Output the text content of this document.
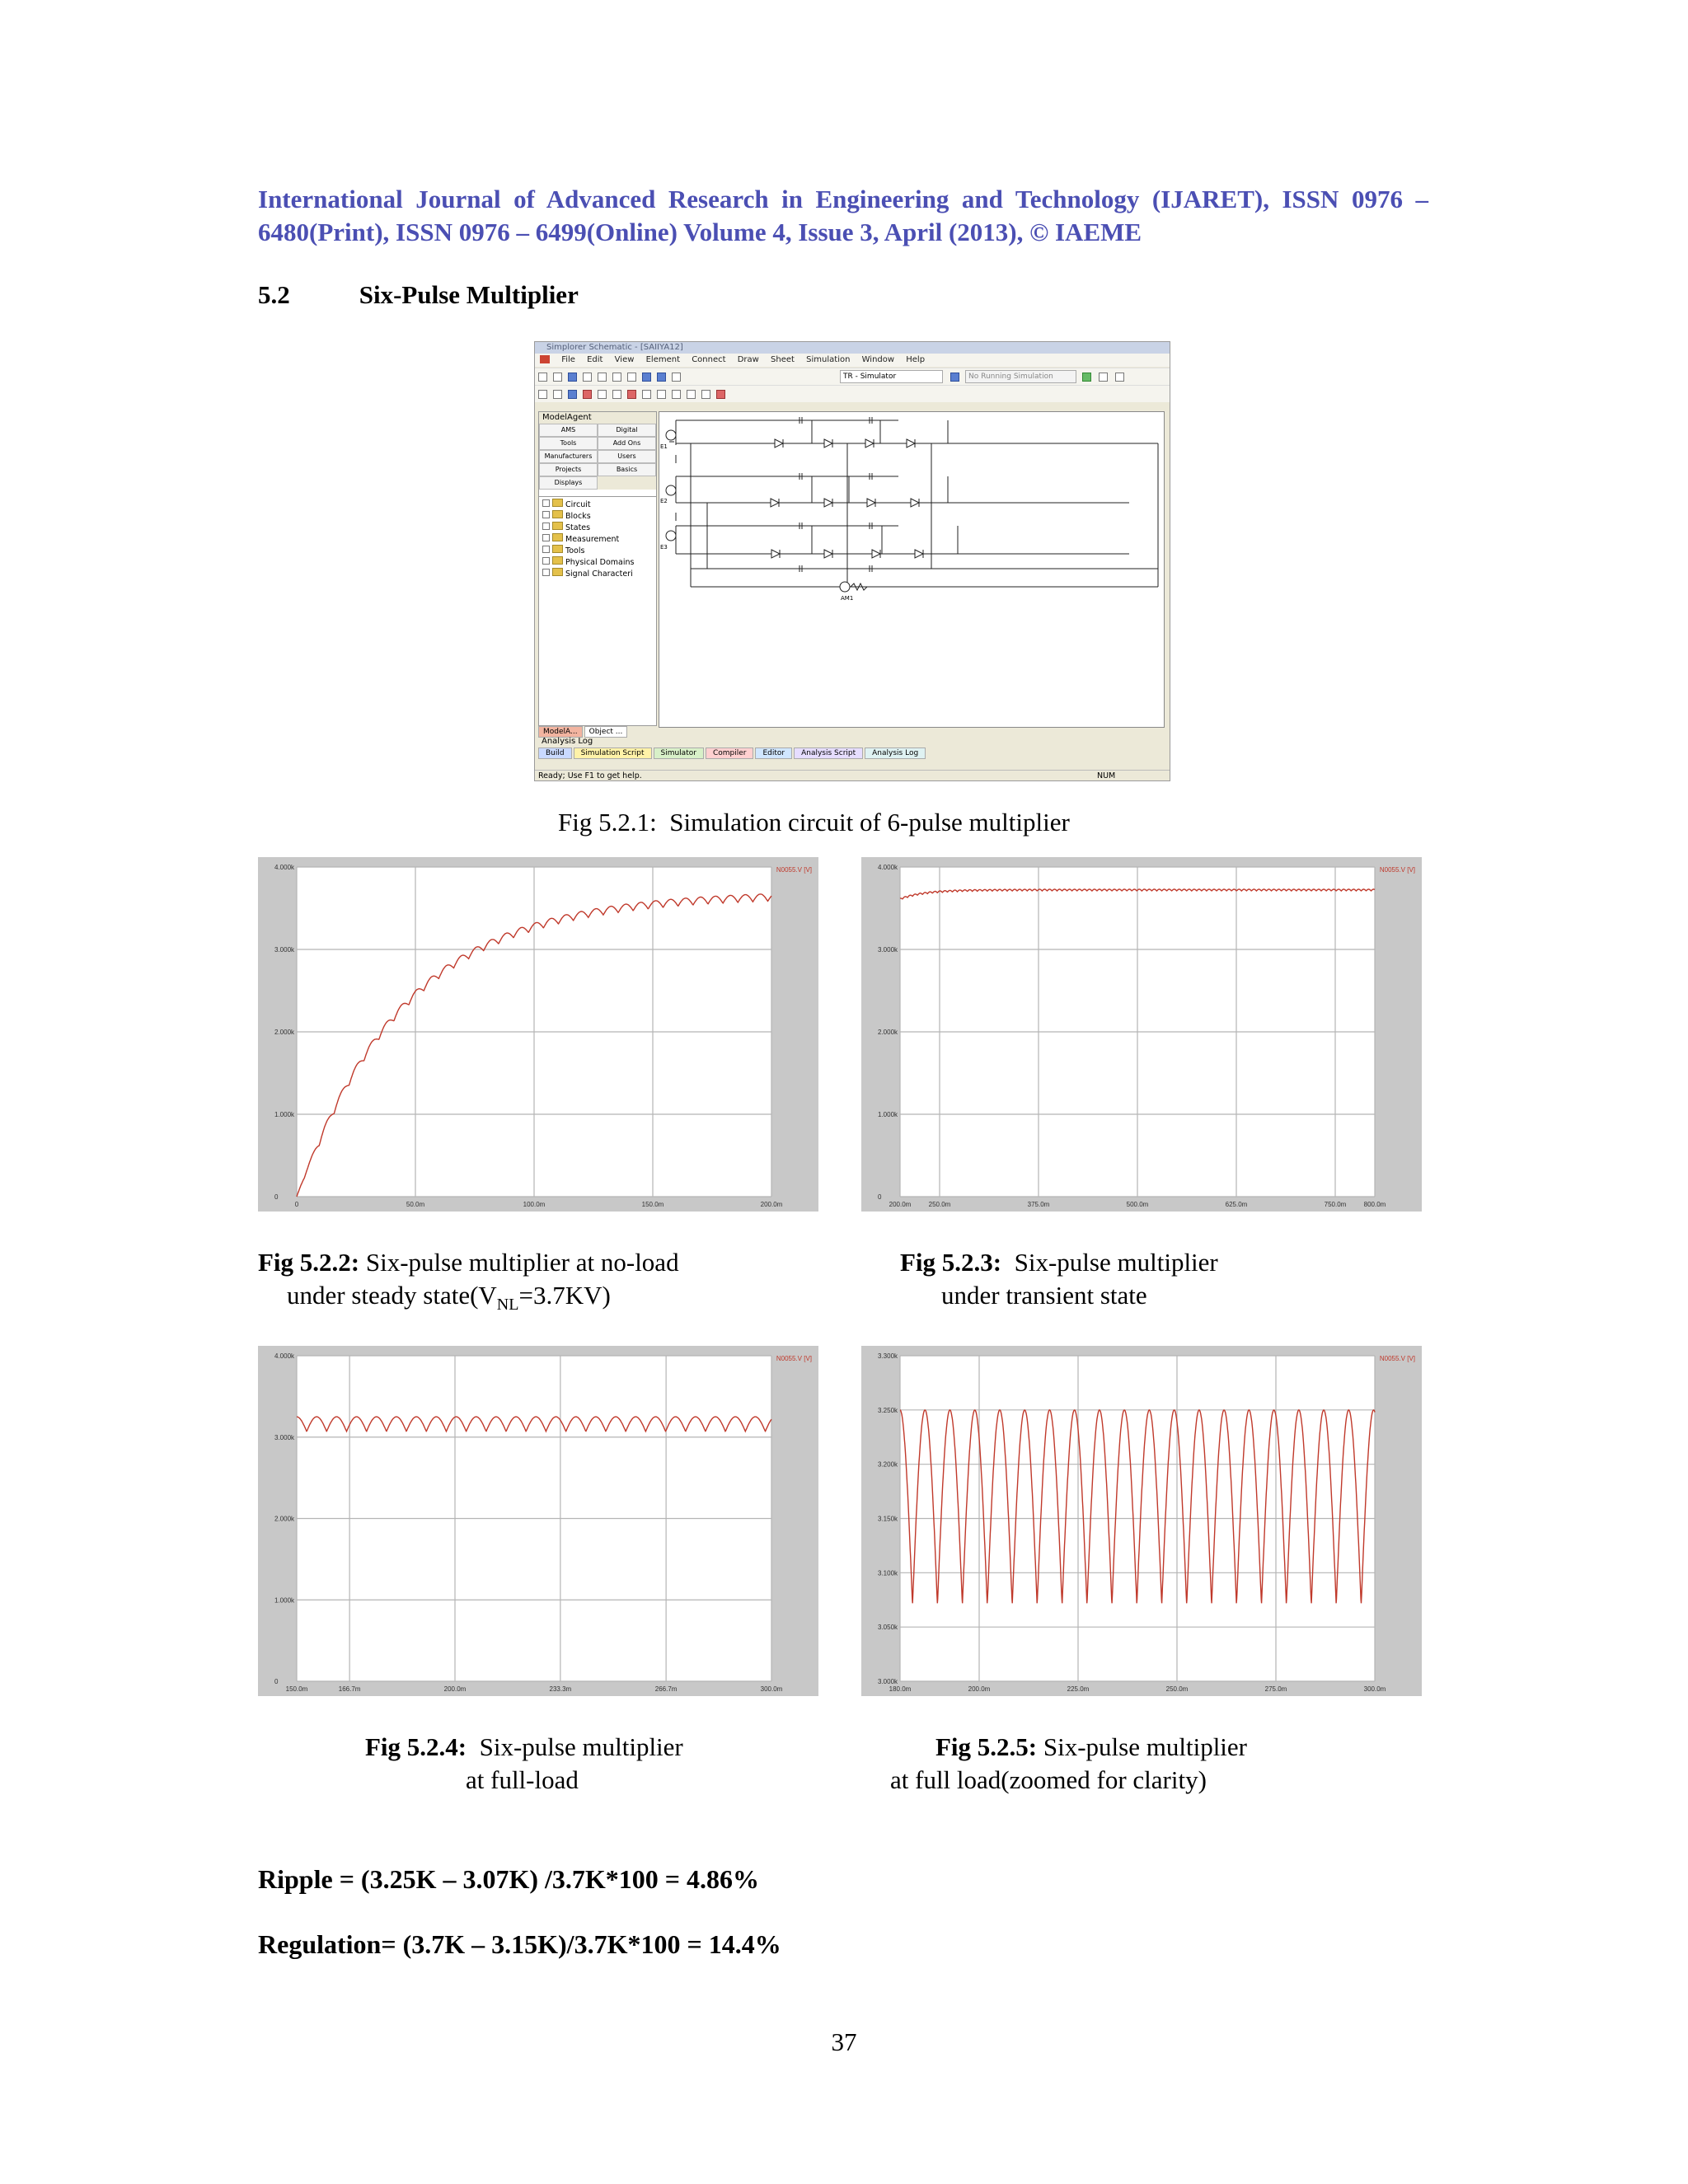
International Journal of Advanced Research in Engineering and Technology (IJARET), ISSN 0976 – 6480(Print), ISSN 0976 – 6499(Online) Volume 4, Issue 3, April (2013), © IAEME
5.2	Six-Pulse Multiplier
Simplorer Schematic - [SAIIYA12]
File Edit View Element Connect Draw Sheet Simulation Window Help
TR - Simulator	No Running Simulation
ModelAgent
AMS	Digital
Tools	Add Ons
Manufacturers	Users
Projects	Basics
Displays
Circuit
Blocks
States
Measurement
Tools
Physical Domains
Signal Characteri
ModelA... Object ...
E1
E2
E3
AM1
Analysis Log
Build Simulation Script Simulator Compiler Editor Analysis Script Analysis Log
Ready; Use F1 to get help.	NUM
Fig 5.2.1: Simulation circuit of 6-pulse multiplier
0
1.000k
2.000k
3.000k
4.000k
0	50.0m	100.0m	150.0m	200.0m
N0055.V [V]
0
1.000k
2.000k
3.000k
4.000k
200.0m	250.0m	375.0m	500.0m	625.0m	750.0m	800.0m
N0055.V [V]
0
1.000k
2.000k
3.000k
4.000k
150.0m	166.7m	200.0m	233.3m	266.7m	300.0m
N0055.V [V]
3.000k
3.050k
3.100k
3.150k
3.200k
3.250k
3.300k
180.0m	200.0m	225.0m	250.0m	275.0m	300.0m
N0055.V [V]
Fig 5.2.2: Six-pulse multiplier at no-load
under steady $state(V_{NL}=3.7KV)$
Fig 5.2.3: Six-pulse multiplier
under transient state
Fig 5.2.4: Six-pulse multiplier
at full-load
Fig 5.2.5: Six-pulse multiplier
at full load(zoomed for clarity)
Ripple = (3.25K – 3.07K) /3.7K*100 = 4.86%
Regulation= (3.7K – 3.15K)/3.7K*100 = 14.4%
37
